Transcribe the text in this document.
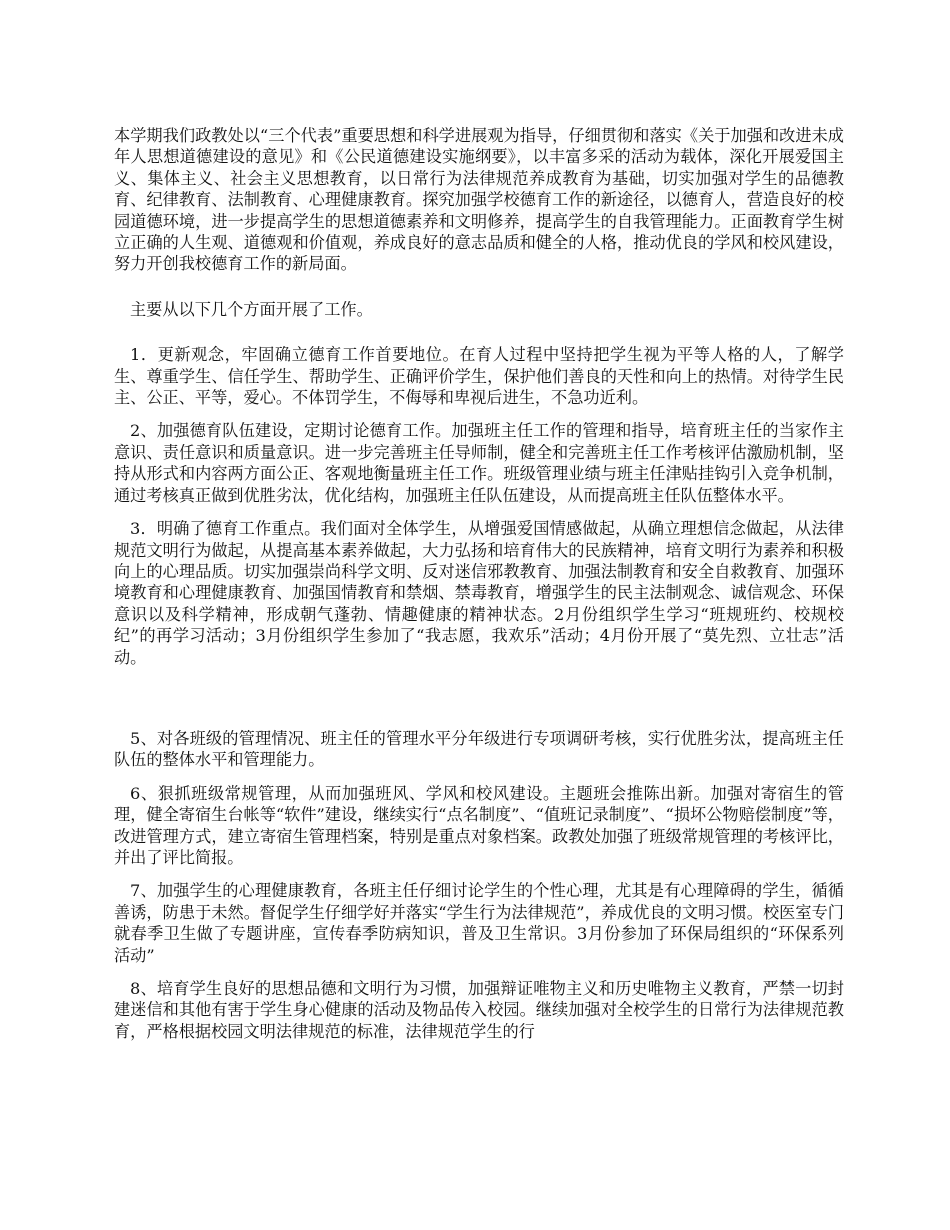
本学期我们政教处以“三个代表”重要思想和科学进展观为指导，仔细贯彻和落实《关于加强和改进未成年人思想道德建设的意见》和《公民道德建设实施纲要》，以丰富多采的活动为载体，深化开展爱国主义、集体主义、社会主义思想教育，以日常行为法律规范养成教育为基础，切实加强对学生的品德教育、纪律教育、法制教育、心理健康教育。探究加强学校德育工作的新途径，以德育人，营造良好的校园道德环境，进一步提高学生的思想道德素养和文明修养，提高学生的自我管理能力。正面教育学生树立正确的人生观、道德观和价值观，养成良好的意志品质和健全的人格，推动优良的学风和校风建设，努力开创我校德育工作的新局面。

主要从以下几个方面开展了工作。

1．更新观念，牢固确立德育工作首要地位。在育人过程中坚持把学生视为平等人格的人，了解学生、尊重学生、信任学生、帮助学生、正确评价学生，保护他们善良的天性和向上的热情。对待学生民主、公正、平等，爱心。不体罚学生，不侮辱和卑视后进生，不急功近利。

2、加强德育队伍建设，定期讨论德育工作。加强班主任工作的管理和指导，培育班主任的当家作主意识、责任意识和质量意识。进一步完善班主任导师制，健全和完善班主任工作考核评估激励机制，坚持从形式和内容两方面公正、客观地衡量班主任工作。班级管理业绩与班主任津贴挂钩引入竞争机制，通过考核真正做到优胜劣汰，优化结构，加强班主任队伍建设，从而提高班主任队伍整体水平。

3．明确了德育工作重点。我们面对全体学生，从增强爱国情感做起，从确立理想信念做起，从法律规范文明行为做起，从提高基本素养做起，大力弘扬和培育伟大的民族精神，培育文明行为素养和积极向上的心理品质。切实加强崇尚科学文明、反对迷信邪教教育、加强法制教育和安全自救教育、加强环境教育和心理健康教育、加强国情教育和禁烟、禁毒教育，增强学生的民主法制观念、诚信观念、环保意识以及科学精神，形成朝气蓬勃、情趣健康的精神状态。2月份组织学生学习“班规班约、校规校纪”的再学习活动；3月份组织学生参加了“我志愿，我欢乐”活动；4月份开展了“莫先烈、立壮志”活动。

5、对各班级的管理情况、班主任的管理水平分年级进行专项调研考核，实行优胜劣汰，提高班主任队伍的整体水平和管理能力。

6、狠抓班级常规管理，从而加强班风、学风和校风建设。主题班会推陈出新。加强对寄宿生的管理，健全寄宿生台帐等“软件”建设，继续实行“点名制度”、“值班记录制度”、“损坏公物赔偿制度”等，改进管理方式，建立寄宿生管理档案，特别是重点对象档案。政教处加强了班级常规管理的考核评比，并出了评比简报。

7、加强学生的心理健康教育，各班主任仔细讨论学生的个性心理，尤其是有心理障碍的学生，循循善诱，防患于未然。督促学生仔细学好并落实“学生行为法律规范”，养成优良的文明习惯。校医室专门就春季卫生做了专题讲座，宣传春季防病知识，普及卫生常识。3月份参加了环保局组织的“环保系列活动”

8、培育学生良好的思想品德和文明行为习惯，加强辩证唯物主义和历史唯物主义教育，严禁一切封建迷信和其他有害于学生身心健康的活动及物品传入校园。继续加强对全校学生的日常行为法律规范教育，严格根据校园文明法律规范的标准，法律规范学生的行
